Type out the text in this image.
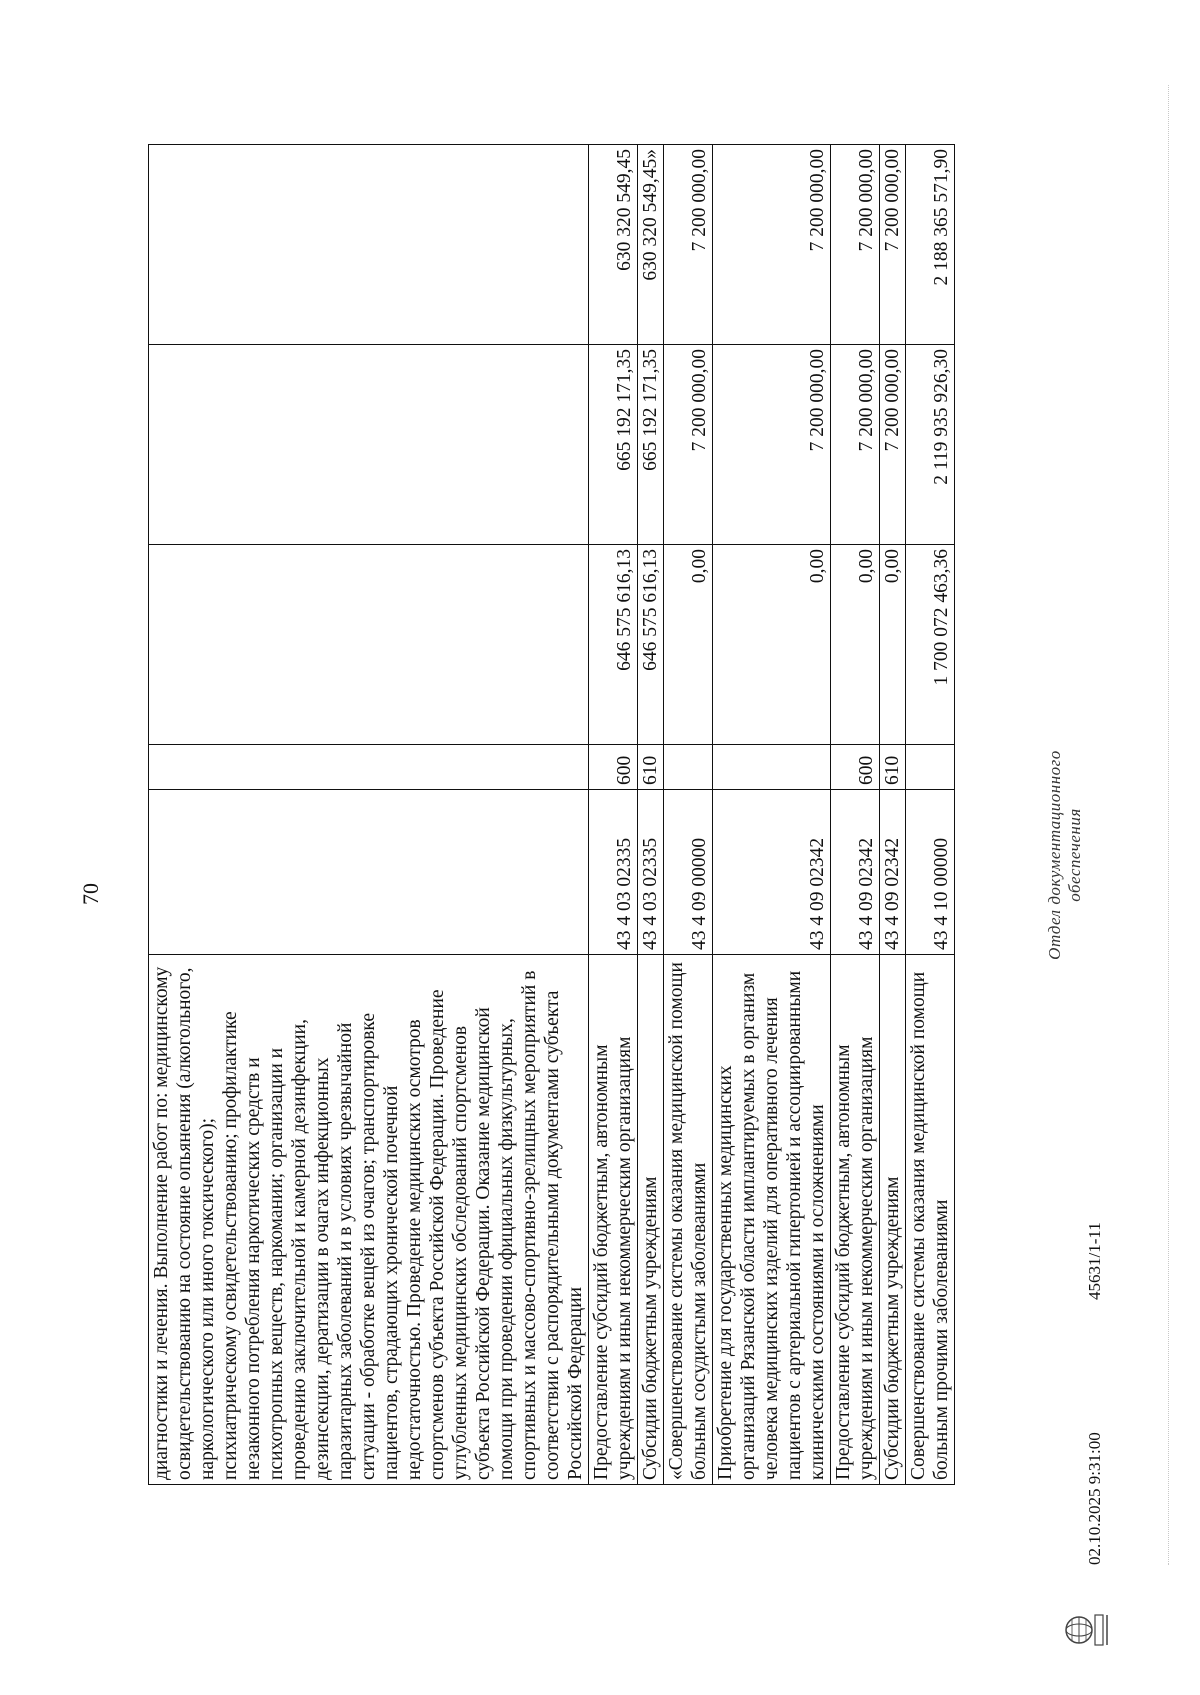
70
диагностики и лечения. Выполнение работ по: медицинскому освидетельствованию на состояние опьянения (алкогольного, наркологического или иного токсического); психиатрическому освидетельствованию; профилактике незаконного потребления наркотических средств и психотропных веществ, наркомании; организации и проведению заключительной и камерной дезинфекции, дезинсекции, дератизации в очагах инфекционных паразитарных заболеваний и в условиях чрезвычайной ситуации - обработке вещей из очагов; транспортировке пациентов, страдающих хронической почечной недостаточностью. Проведение медицинских осмотров спортсменов субъекта Российской Федерации. Проведение углубленных медицинских обследований спортсменов субъекта Российской Федерации. Оказание медицинской помощи при проведении официальных физкультурных, спортивных и массово-спортивно-зрелищных мероприятий в соответствии с распорядительными документами субъекта Российской Федерации					
Предоставление субсидий бюджетным, автономным учреждениям и иным некоммерческим организациям	43 4 03 02335	600	646 575 616,13	665 192 171,35	630 320 549,45
Субсидии бюджетным учреждениям	43 4 03 02335	610	646 575 616,13	665 192 171,35	630 320 549,45»
«Совершенствование системы оказания медицинской помощи больным сосудистыми заболеваниями	43 4 09 00000		0,00	7 200 000,00	7 200 000,00
Приобретение для государственных медицинских организаций Рязанской области имплантируемых в организм человека медицинских изделий для оперативного лечения пациентов с артериальной гипертонией и ассоциированными клиническими состояниями и осложнениями	43 4 09 02342		0,00	7 200 000,00	7 200 000,00
Предоставление субсидий бюджетным, автономным учреждениям и иным некоммерческим организациям	43 4 09 02342	600	0,00	7 200 000,00	7 200 000,00
Субсидии бюджетным учреждениям	43 4 09 02342	610	0,00	7 200 000,00	7 200 000,00
Совершенствование системы оказания медицинской помощи больным прочими заболеваниями	43 4 10 00000		1 700 072 463,36	2 119 935 926,30	2 188 365 571,90
02.10.2025 9:31:00
45631/1-11
Отдел документационного обеспечения
